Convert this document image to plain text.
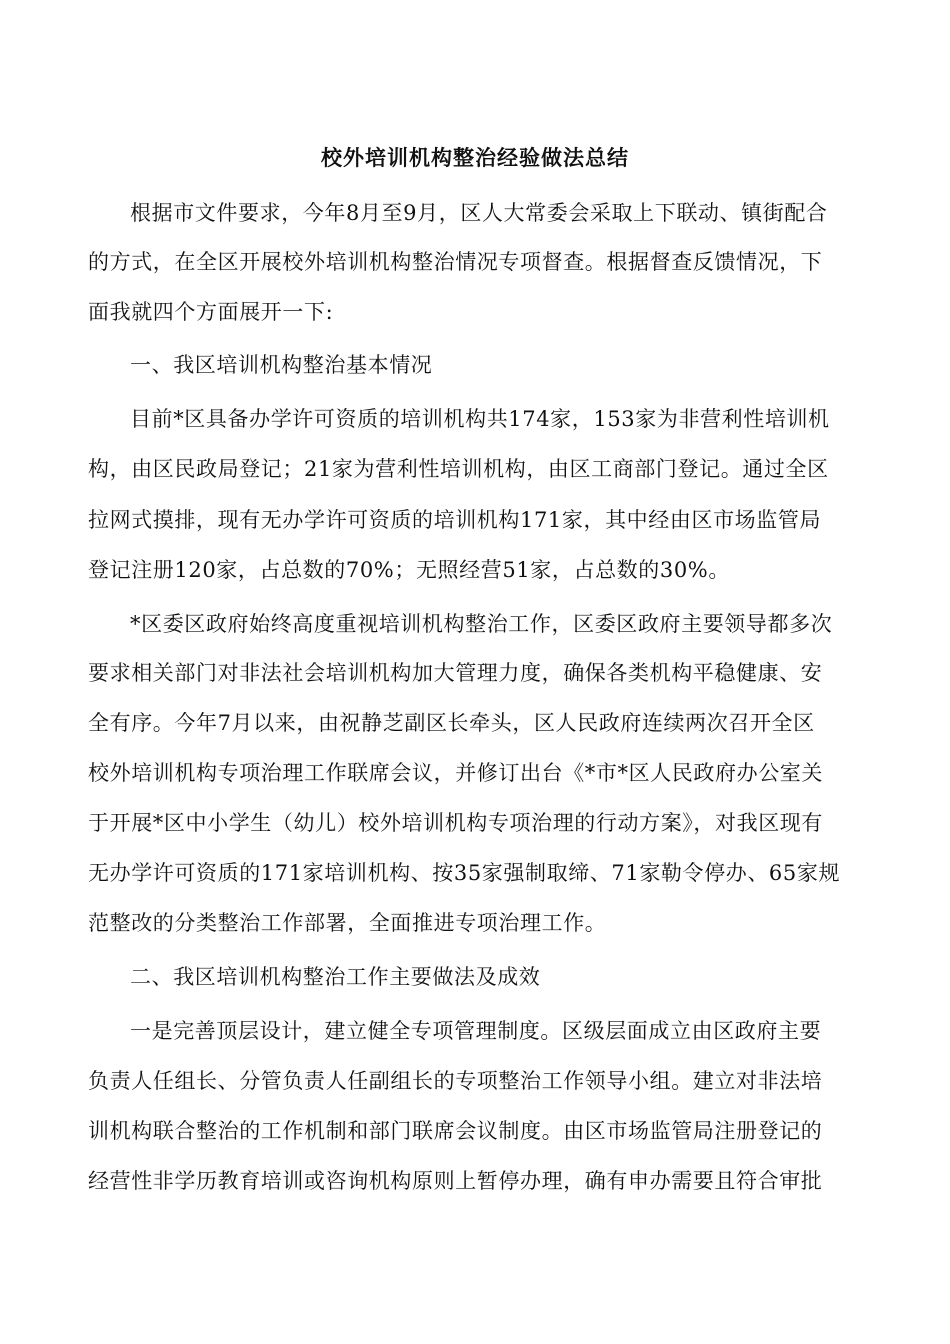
校外培训机构整治经验做法总结
根据市文件要求，今年8月至9月，区人大常委会采取上下联动、镇街配合
的方式，在全区开展校外培训机构整治情况专项督查。根据督查反馈情况，下
面我就四个方面展开一下:
一、我区培训机构整治基本情况
目前*区具备办学许可资质的培训机构共174家，153家为非营利性培训机
构，由区民政局登记；21家为营利性培训机构，由区工商部门登记。通过全区
拉网式摸排，现有无办学许可资质的培训机构171家，其中经由区市场监管局
登记注册120家，占总数的70%；无照经营51家，占总数的30%。
*区委区政府始终高度重视培训机构整治工作，区委区政府主要领导都多次
要求相关部门对非法社会培训机构加大管理力度，确保各类机构平稳健康、安
全有序。今年7月以来，由祝静芝副区长牵头，区人民政府连续两次召开全区
校外培训机构专项治理工作联席会议，并修订出台《*市*区人民政府办公室关
于开展*区中小学生（幼儿）校外培训机构专项治理的行动方案》，对我区现有
无办学许可资质的171家培训机构、按35家强制取缔、71家勒令停办、65家规
范整改的分类整治工作部署，全面推进专项治理工作。
二、我区培训机构整治工作主要做法及成效
一是完善顶层设计，建立健全专项管理制度。区级层面成立由区政府主要
负责人任组长、分管负责人任副组长的专项整治工作领导小组。建立对非法培
训机构联合整治的工作机制和部门联席会议制度。由区市场监管局注册登记的
经营性非学历教育培训或咨询机构原则上暂停办理，确有申办需要且符合审批
